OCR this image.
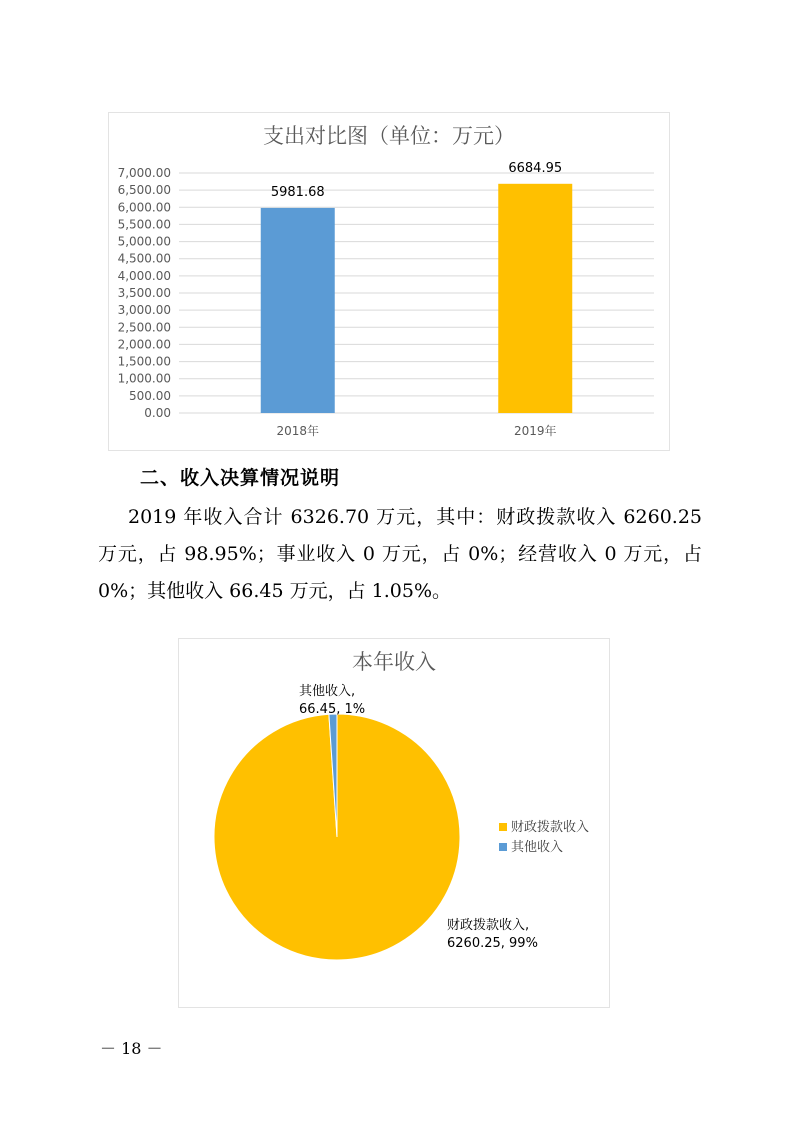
支出对比图（单位：万元）
0.00
500.00
1,000.00
1,500.00
2,000.00
2,500.00
3,000.00
3,500.00
4,000.00
4,500.00
5,000.00
5,500.00
6,000.00
6,500.00
7,000.00
5981.68
6684.95
2018年	2019年
二、收入决算情况说明

2019 年收入合计 6326.70 万元，其中：财政拨款收入 6260.25 万元，占 98.95%；事业收入 0 万元，占 0%；经营收入 0 万元，占 0%；其他收入 66.45 万元，占 1.05%。

本年收入
其他收入,
66.45, 1%
财政拨款收入,
6260.25, 99%
财政拨款收入
其他收入

－ 18 －
